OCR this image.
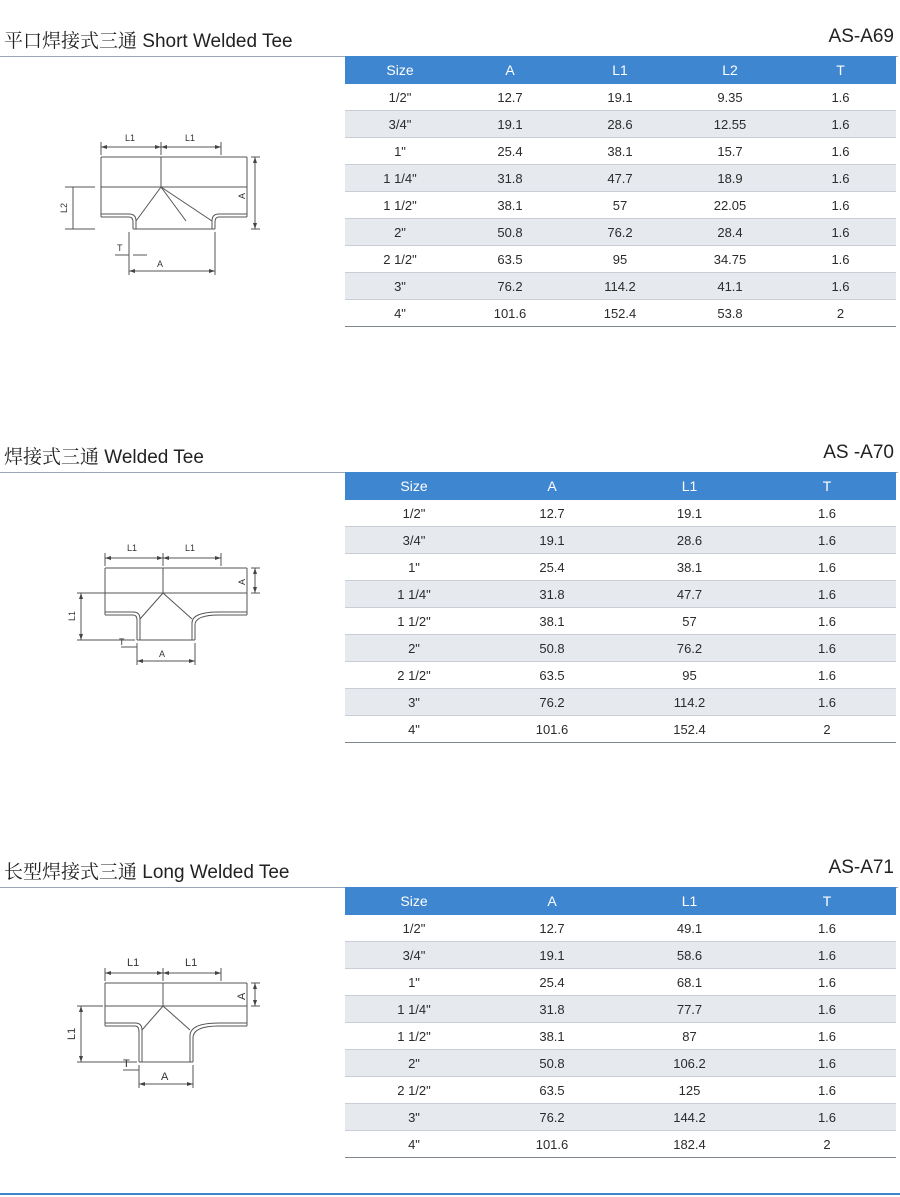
平口焊接式三通 Short Welded Tee	AS-A69
L1	L1
L2
A
T
A
Size	A	L1	L2	T
1/2"	12.7	19.1	9.35	1.6
3/4"	19.1	28.6	12.55	1.6
1"	25.4	38.1	15.7	1.6
1 1/4"	31.8	47.7	18.9	1.6
1 1/2"	38.1	57	22.05	1.6
2"	50.8	76.2	28.4	1.6
2 1/2"	63.5	95	34.75	1.6
3"	76.2	114.2	41.1	1.6
4"	101.6	152.4	53.8	2
焊接式三通 Welded Tee	AS -A70
L1	L1
L1
A
T
A
Size	A	L1	T
1/2"	12.7	19.1	1.6
3/4"	19.1	28.6	1.6
1"	25.4	38.1	1.6
1 1/4"	31.8	47.7	1.6
1 1/2"	38.1	57	1.6
2"	50.8	76.2	1.6
2 1/2"	63.5	95	1.6
3"	76.2	114.2	1.6
4"	101.6	152.4	2
长型焊接式三通 Long Welded Tee	AS-A71
L1	L1
L1
A
T
A
Size	A	L1	T
1/2"	12.7	49.1	1.6
3/4"	19.1	58.6	1.6
1"	25.4	68.1	1.6
1 1/4"	31.8	77.7	1.6
1 1/2"	38.1	87	1.6
2"	50.8	106.2	1.6
2 1/2"	63.5	125	1.6
3"	76.2	144.2	1.6
4"	101.6	182.4	2
